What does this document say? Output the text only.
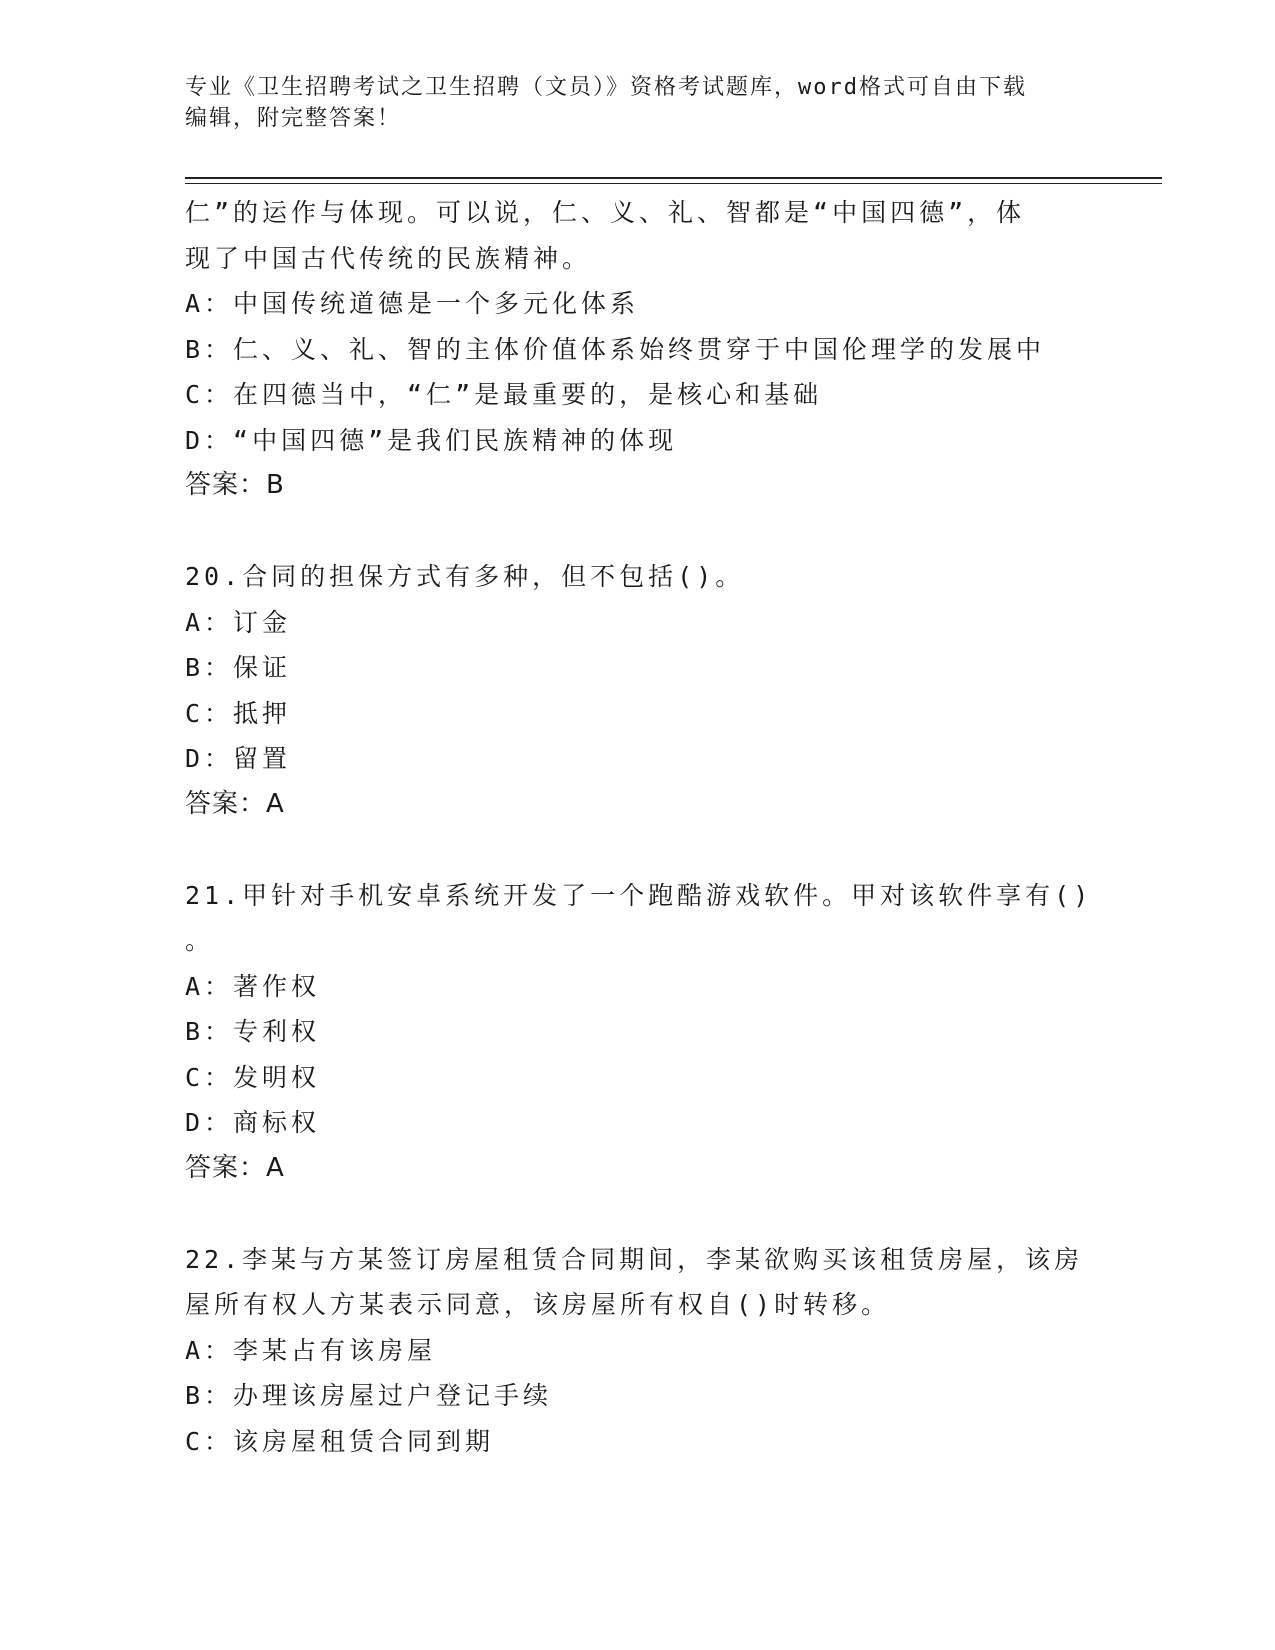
专业《卫生招聘考试之卫生招聘（文员）》资格考试题库，word格式可自由下载
编辑，附完整答案！
仁”的运作与体现。可以说，仁、义、礼、智都是“中国四德”，体
现了中国古代传统的民族精神。
A：中国传统道德是一个多元化体系
B：仁、义、礼、智的主体价值体系始终贯穿于中国伦理学的发展中
C：在四德当中，“仁”是最重要的，是核心和基础
D：“中国四德”是我们民族精神的体现
答案：B
20.合同的担保方式有多种，但不包括()。
A：订金
B：保证
C：抵押
D：留置
答案：A
21.甲针对手机安卓系统开发了一个跑酷游戏软件。甲对该软件享有()
。
A：著作权
B：专利权
C：发明权
D：商标权
答案：A
22.李某与方某签订房屋租赁合同期间，李某欲购买该租赁房屋，该房
屋所有权人方某表示同意，该房屋所有权自()时转移。
A：李某占有该房屋
B：办理该房屋过户登记手续
C：该房屋租赁合同到期
